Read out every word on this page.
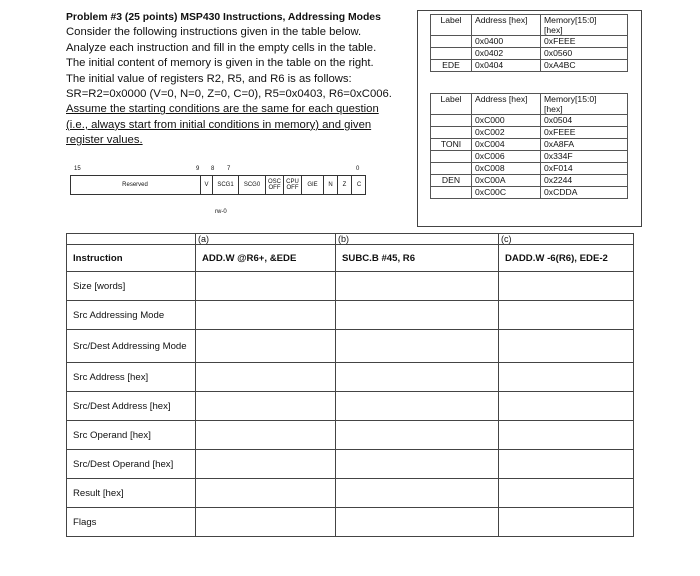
Problem #3 (25 points) MSP430 Instructions, Addressing Modes

Consider the following instructions given in the table below.

Analyze each instruction and fill in the empty cells in the table.

The initial content of memory is given in the table on the right.

The initial value of registers R2, R5, and R6 is as follows:

SR=R2=0x0000 (V=0, N=0, Z=0, C=0), R5=0x0403, R6=0xC006.

Assume the starting conditions are the same for each question

(i.e., always start from initial conditions in memory) and given

register values.

Label	Address [hex]	Memory[15:0]
[hex]

	0x0400	0xFEEE
	0x0402	0x0560
EDE	0x0404	0xA4BC
Label	Address [hex]	Memory[15:0]
[hex]

	0xC000	0x0504
	0xC002	0xFEEE
TONI	0xC004	0xA8FA
	0xC006	0x334F
	0xC008	0xF014
DEN	0xC00A	0x2244
	0xC00C	0xCDDA
15	9 8 7	0
Reserved	V	SCG1	SCG0
OSC OFF
CPU OFF
GIE	N	Z	C
rw-0
	(a)	(b)	(c)
Instruction	ADD.W @R6+, &EDE	SUBC.B #45, R6	DADD.W -6(R6), EDE-2
Size [words]			
Src Addressing Mode			
Src/Dest Addressing Mode			
Src Address [hex]			
Src/Dest Address [hex]			
Src Operand [hex]			
Src/Dest Operand [hex]			
Result [hex]			
Flags			
